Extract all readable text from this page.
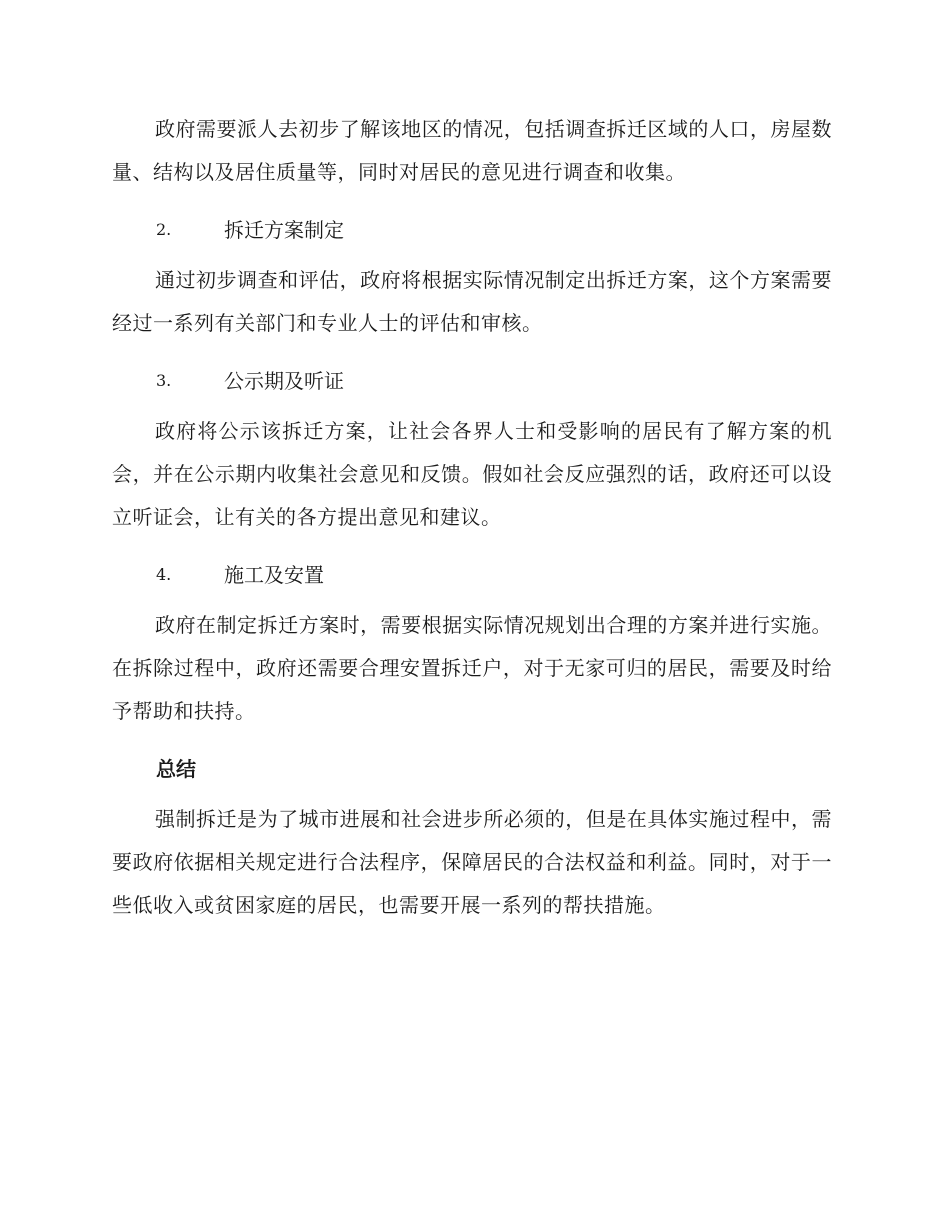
政府需要派人去初步了解该地区的情况，包括调查拆迁区域的人口，房屋数量、结构以及居住质量等，同时对居民的意见进行调查和收集。

2.	拆迁方案制定

通过初步调查和评估，政府将根据实际情况制定出拆迁方案，这个方案需要经过一系列有关部门和专业人士的评估和审核。

3.	公示期及听证

政府将公示该拆迁方案，让社会各界人士和受影响的居民有了解方案的机会，并在公示期内收集社会意见和反馈。假如社会反应强烈的话，政府还可以设立听证会，让有关的各方提出意见和建议。

4.	施工及安置

政府在制定拆迁方案时，需要根据实际情况规划出合理的方案并进行实施。在拆除过程中，政府还需要合理安置拆迁户，对于无家可归的居民，需要及时给予帮助和扶持。

总结

强制拆迁是为了城市进展和社会进步所必须的，但是在具体实施过程中，需要政府依据相关规定进行合法程序，保障居民的合法权益和利益。同时，对于一些低收入或贫困家庭的居民，也需要开展一系列的帮扶措施。
